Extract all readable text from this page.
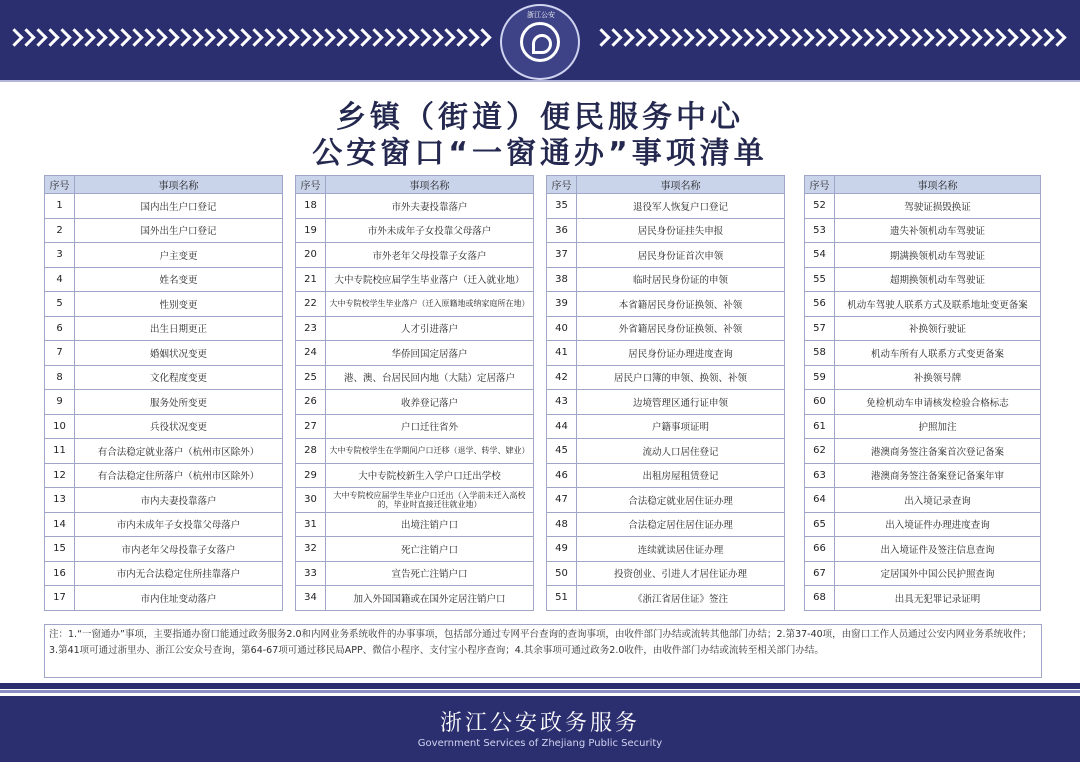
浙江公安
乡镇（街道）便民服务中心
公安窗口“一窗通办”事项清单
序号	事项名称
1	国内出生户口登记
2	国外出生户口登记
3	户主变更
4	姓名变更
5	性别变更
6	出生日期更正
7	婚姻状况变更
8	文化程度变更
9	服务处所变更
10	兵役状况变更
11	有合法稳定就业落户（杭州市区除外）
12	有合法稳定住所落户（杭州市区除外）
13	市内夫妻投靠落户
14	市内未成年子女投靠父母落户
15	市内老年父母投靠子女落户
16	市内无合法稳定住所挂靠落户
17	市内住址变动落户
序号	事项名称
18	市外夫妻投靠落户
19	市外未成年子女投靠父母落户
20	市外老年父母投靠子女落户
21	大中专院校应届学生毕业落户（迁入就业地）
22	大中专院校学生毕业落户（迁入原籍地或纳家庭所在地）
23	人才引进落户
24	华侨回国定居落户
25	港、澳、台居民回内地（大陆）定居落户
26	收养登记落户
27	户口迁往省外
28	大中专院校学生在学期间户口迁移（退学、转学、肄业）
29	大中专院校新生入学户口迁出学校
30	大中专院校应届学生毕业户口迁出（入学前未迁入高校的，毕业时直接迁往就业地）
31	出境注销户口
32	死亡注销户口
33	宣告死亡注销户口
34	加入外国国籍或在国外定居注销户口
序号	事项名称
35	退役军人恢复户口登记
36	居民身份证挂失申报
37	居民身份证首次申领
38	临时居民身份证的申领
39	本省籍居民身份证换领、补领
40	外省籍居民身份证换领、补领
41	居民身份证办理进度查询
42	居民户口簿的申领、换领、补领
43	边境管理区通行证申领
44	户籍事项证明
45	流动人口居住登记
46	出租房屋租赁登记
47	合法稳定就业居住证办理
48	合法稳定居住居住证办理
49	连续就读居住证办理
50	投资创业、引进人才居住证办理
51	《浙江省居住证》签注
序号	事项名称
52	驾驶证损毁换证
53	遗失补领机动车驾驶证
54	期满换领机动车驾驶证
55	超期换领机动车驾驶证
56	机动车驾驶人联系方式及联系地址变更备案
57	补换领行驶证
58	机动车所有人联系方式变更备案
59	补换领号牌
60	免检机动车申请核发检验合格标志
61	护照加注
62	港澳商务签注备案首次登记备案
63	港澳商务签注备案登记备案年审
64	出入境记录查询
65	出入境证件办理进度查询
66	出入境证件及签注信息查询
67	定居国外中国公民护照查询
68	出具无犯罪记录证明
注：1.“一窗通办”事项，主要指通办窗口能通过政务服务2.0和内网业务系统收件的办事事项，包括部分通过专网平台查询的查询事项，由收件部门办结或流转其他部门办结；2.第37-40项，由窗口工作人员通过公安内网业务系统收件；3.第41项可通过浙里办、浙江公安众号查询，第64-67项可通过移民局APP、微信小程序、支付宝小程序查询；4.其余事项可通过政务2.0收件，由收件部门办结或流转至相关部门办结。
浙江公安政务服务
Government Services of Zhejiang Public Security
